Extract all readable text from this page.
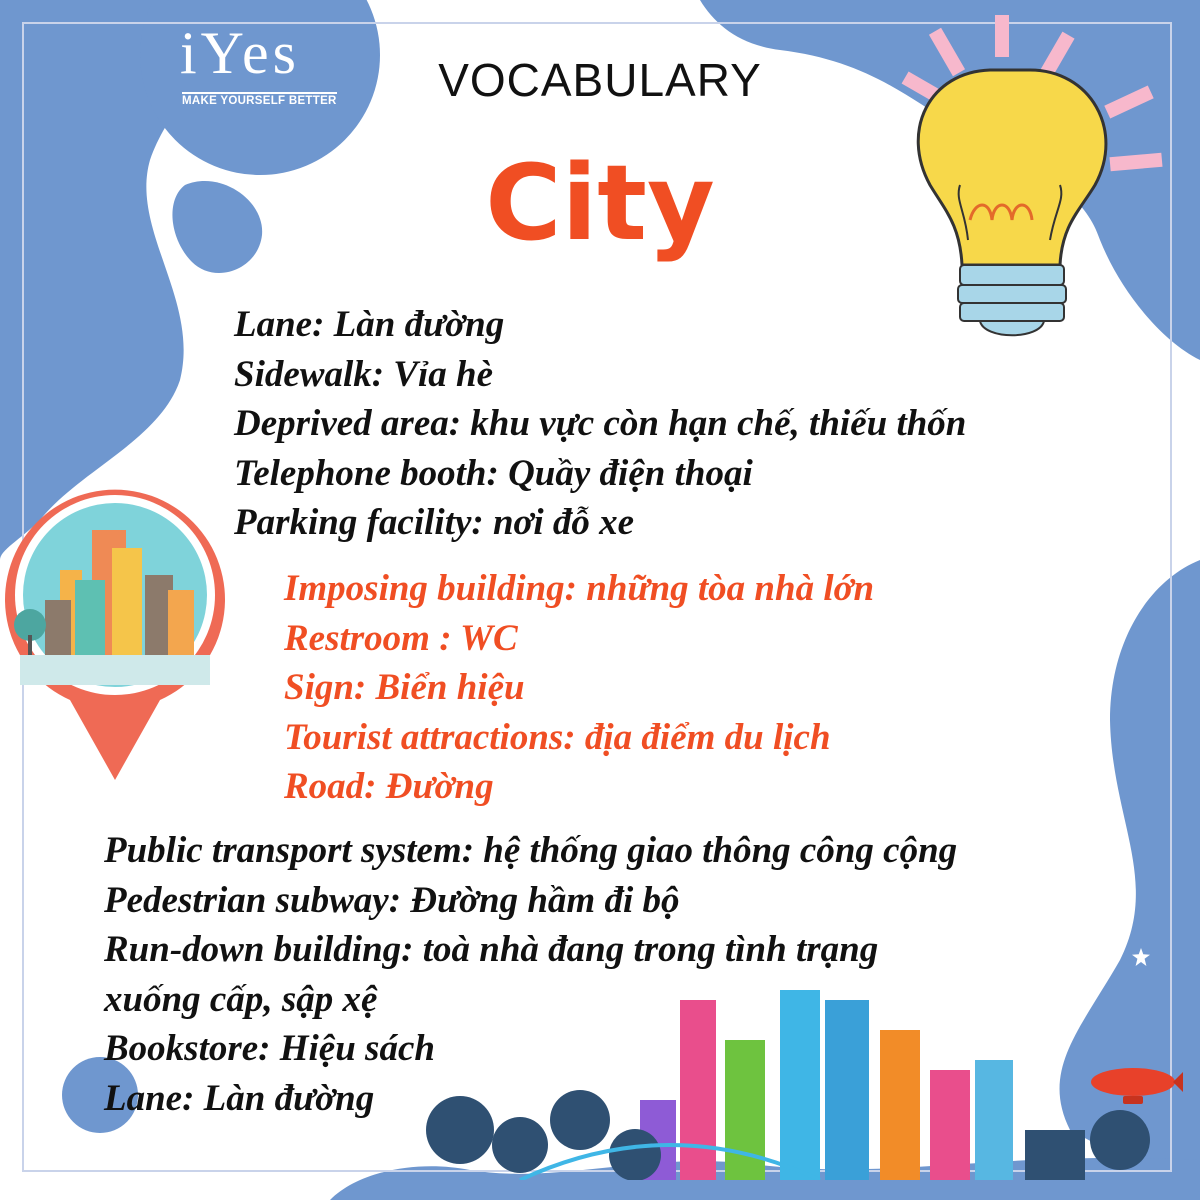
iYes
MAKE YOURSELF BETTER	VOCABULARY
City
Lane: Làn đường
Sidewalk: Vỉa hè
Deprived area: khu vực còn hạn chế, thiếu thốn
Telephone booth: Quầy điện thoại
Parking facility: nơi đỗ xe
Imposing building: những tòa nhà lớn
Restroom : WC
Sign: Biển hiệu
Tourist attractions: địa điểm du lịch
Road: Đường
Public transport system: hệ thống giao thông công cộng
Pedestrian subway: Đường hầm đi bộ
Run-down building: toà nhà đang trong tình trạng
xuống cấp, sập xệ
Bookstore: Hiệu sách
Lane: Làn đường
